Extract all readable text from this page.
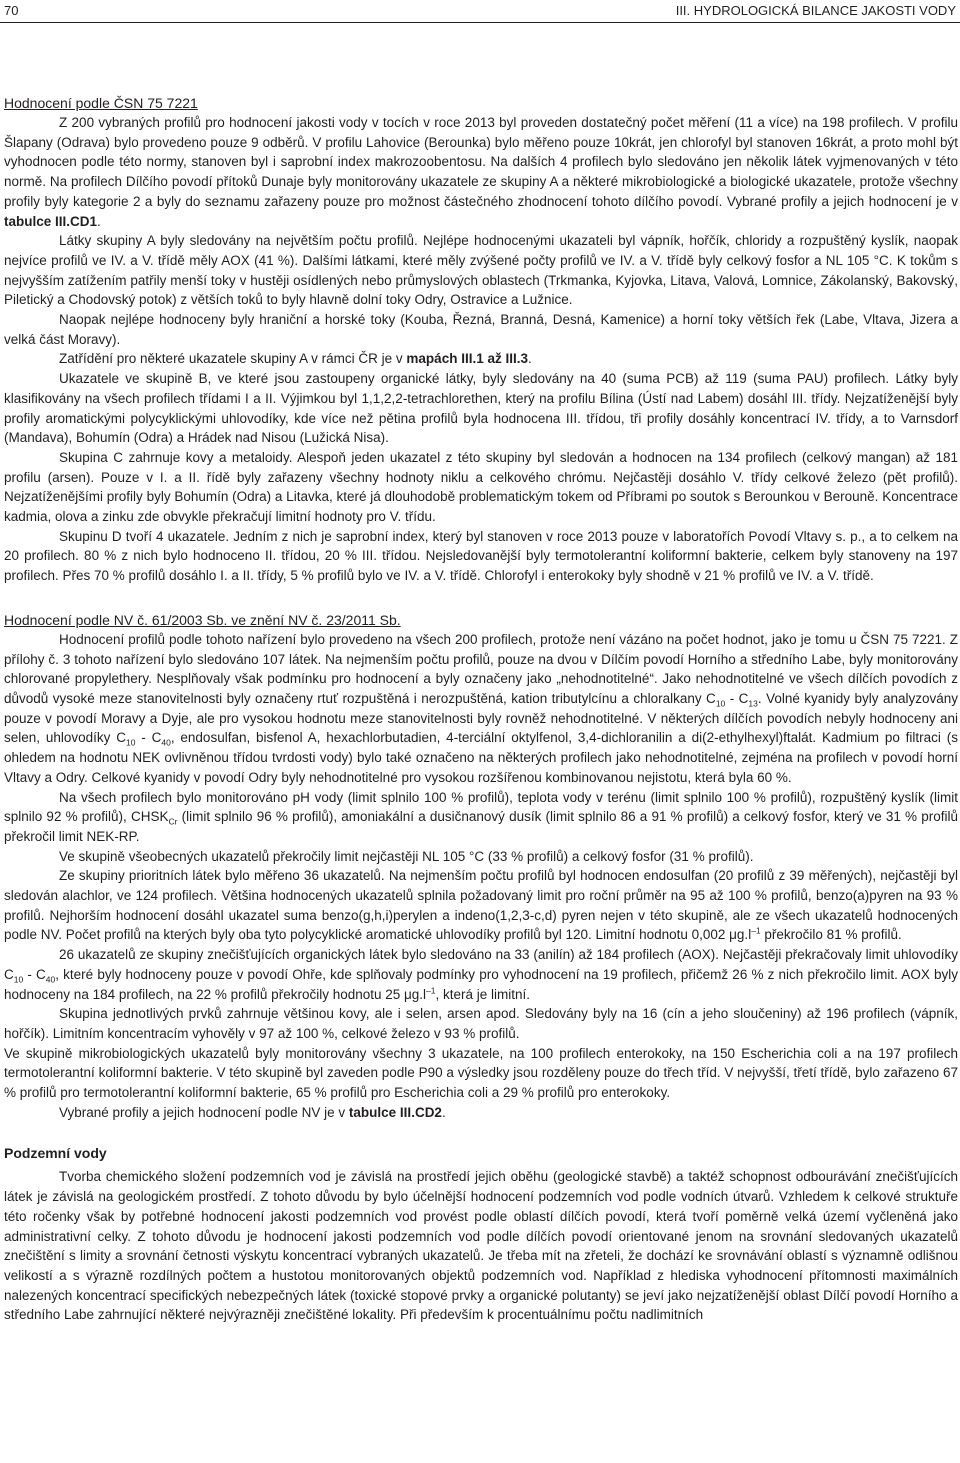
70	III. HYDROLOGICKÁ BILANCE JAKOSTI VODY
Hodnocení podle ČSN 75 7221

Z 200 vybraných profilů pro hodnocení jakosti vody v tocích v roce 2013 byl proveden dostatečný počet měření (11 a více) na 198 profilech. V profilu Šlapany (Odrava) bylo provedeno pouze 9 odběrů. V profilu Lahovice (Berounka) bylo měřeno pouze 10krát, jen chlorofyl byl stanoven 16krát, a proto mohl být vyhodnocen podle této normy, stanoven byl i saprobní index makrozoobentosu. Na dalších 4 profilech bylo sledováno jen několik látek vyjmenovaných v této normě. Na profilech Dílčího povodí přítoků Dunaje byly monitorovány ukazatele ze skupiny A a některé mikrobiologické a biologické ukazatele, protože všechny profily byly kategorie 2 a byly do seznamu zařazeny pouze pro možnost částečného zhodnocení tohoto dílčího povodí. Vybrané profily a jejich hodnocení je v tabulce III.CD1.

Látky skupiny A byly sledovány na největším počtu profilů. Nejlépe hodnocenými ukazateli byl vápník, hořčík, chloridy a rozpuštěný kyslík, naopak nejvíce profilů ve IV. a V. třídě měly AOX (41 %). Dalšími látkami, které měly zvýšené počty profilů ve IV. a V. třídě byly celkový fosfor a NL 105 °C. K tokům s nejvyšším zatížením patřily menší toky v hustěji osídlených nebo průmyslových oblastech (Trkmanka, Kyjovka, Litava, Valová, Lomnice, Zákolanský, Bakovský, Piletický a Chodovský potok) z větších toků to byly hlavně dolní toky Odry, Ostravice a Lužnice.

Naopak nejlépe hodnoceny byly hraniční a horské toky (Kouba, Řezná, Branná, Desná, Kamenice) a horní toky větších řek (Labe, Vltava, Jizera a velká část Moravy).

Zatřídění pro některé ukazatele skupiny A v rámci ČR je v mapách III.1 až III.3.

Ukazatele ve skupině B, ve které jsou zastoupeny organické látky, byly sledovány na 40 (suma PCB) až 119 (suma PAU) profilech. Látky byly klasifikovány na všech profilech třídami I a II. Výjimkou byl 1,1,2,2-tetrachlorethen, který na profilu Bílina (Ústí nad Labem) dosáhl III. třídy. Nejzatíženější byly profily aromatickými polycyklickými uhlovodíky, kde více než pětina profilů byla hodnocena III. třídou, tři profily dosáhly koncentrací IV. třídy, a to Varnsdorf (Mandava), Bohumín (Odra) a Hrádek nad Nisou (Lužická Nisa).

Skupina C zahrnuje kovy a metaloidy. Alespoň jeden ukazatel z této skupiny byl sledován a hodnocen na 134 profilech (celkový mangan) až 181 profilu (arsen). Pouze v I. a II. řídě byly zařazeny všechny hodnoty niklu a celkového chrómu. Nejčastěji dosáhlo V. třídy celkové železo (pět profilů). Nejzatíženějšími profily byly Bohumín (Odra) a Litavka, které já dlouhodobě problematickým tokem od Příbrami po soutok s Berounkou v Berouně. Koncentrace kadmia, olova a zinku zde obvykle překračují limitní hodnoty pro V. třídu.

Skupinu D tvoří 4 ukazatele. Jedním z nich je saprobní index, který byl stanoven v roce 2013 pouze v laboratořích Povodí Vltavy s. p., a to celkem na 20 profilech. 80 % z nich bylo hodnoceno II. třídou, 20 % III. třídou. Nejsledovanější byly termotolerantní koliformní bakterie, celkem byly stanoveny na 197 profilech. Přes 70 % profilů dosáhlo I. a II. třídy, 5 % profilů bylo ve IV. a V. třídě. Chlorofyl i enterokoky byly shodně v 21 % profilů ve IV. a V. třídě.

Hodnocení podle NV č. 61/2003 Sb. ve znění NV č. 23/2011 Sb.

Hodnocení profilů podle tohoto nařízení bylo provedeno na všech 200 profilech, protože není vázáno na počet hodnot, jako je tomu u ČSN 75 7221. Z přílohy č. 3 tohoto nařízení bylo sledováno 107 látek. Na nejmenším počtu profilů, pouze na dvou v Dílčím povodí Horního a středního Labe, byly monitorovány chlorované propylethery. Nesplňovaly však podmínku pro hodnocení a byly označeny jako „nehodnotitelné“. Jako nehodnotitelné ve všech dílčích povodích z důvodů vysoké meze stanovitelnosti byly označeny rtuť rozpuštěná i nerozpuštěná, kation tributylcínu a chloralkany $C_{10} - C_{13}$. Volné kyanidy byly analyzovány pouze v povodí Moravy a Dyje, ale pro vysokou hodnotu meze stanovitelnosti byly rovněž nehodnotitelné. V některých dílčích povodích nebyly hodnoceny ani selen, uhlovodíky $C_{10} - C_{40}$, endosulfan, bisfenol A, hexachlorbutadien, 4-terciální oktylfenol, 3,4-dichloranilin a di(2-ethylhexyl)ftalát. Kadmium po filtraci (s ohledem na hodnotu NEK ovlivněnou třídou tvrdosti vody) bylo také označeno na některých profilech jako nehodnotitelné, zejména na profilech v povodí horní Vltavy a Odry. Celkové kyanidy v povodí Odry byly nehodnotitelné pro vysokou rozšířenou kombinovanou nejistotu, která byla 60 %.

Na všech profilech bylo monitorováno pH vody (limit splnilo 100 % profilů), teplota vody v terénu (limit splnilo 100 % profilů), rozpuštěný kyslík (limit splnilo 92 % profilů), $CHSK_{Cr}$ (limit splnilo 96 % profilů), amoniakální a dusičnanový dusík (limit splnilo 86 a 91 % profilů) a celkový fosfor, který ve 31 % profilů překročil limit NEK-RP.

Ve skupině všeobecných ukazatelů překročily limit nejčastěji NL 105 °C (33 % profilů) a celkový fosfor (31 % profilů).

Ze skupiny prioritních látek bylo měřeno 36 ukazatelů. Na nejmenším počtu profilů byl hodnocen endosulfan (20 profilů z 39 měřených), nejčastěji byl sledován alachlor, ve 124 profilech. Většina hodnocených ukazatelů splnila požadovaný limit pro roční průměr na 95 až 100 % profilů, benzo(a)pyren na 93 % profilů. Nejhorším hodnocení dosáhl ukazatel suma benzo(g,h,i)perylen a indeno(1,2,3-c,d) pyren nejen v této skupině, ale ze všech ukazatelů hodnocených podle NV. Počet profilů na kterých byly oba tyto polycyklické aromatické uhlovodíky profilů byl 120. Limitní hodnotu 0,002 $\mu g.l^{-1}$ překročilo 81 % profilů.

26 ukazatelů ze skupiny znečišťujících organických látek bylo sledováno na 33 (anilín) až 184 profilech (AOX). Nejčastěji překračovaly limit uhlovodíky $C_{10} - C_{40}$, které byly hodnoceny pouze v povodí Ohře, kde splňovaly podmínky pro vyhodnocení na 19 profilech, přičemž 26 % z nich překročilo limit. AOX byly hodnoceny na 184 profilech, na 22 % profilů překročily hodnotu 25 $\mu g.l^{-1}$, která je limitní.

Skupina jednotlivých prvků zahrnuje většinou kovy, ale i selen, arsen apod. Sledovány byly na 16 (cín a jeho sloučeniny) až 196 profilech (vápník, hořčík). Limitním koncentracím vyhověly v 97 až 100 %, celkové železo v 93 % profilů.

Ve skupině mikrobiologických ukazatelů byly monitorovány všechny 3 ukazatele, na 100 profilech enterokoky, na 150 Escherichia coli a na 197 profilech termotolerantní koliformní bakterie. V této skupině byl zaveden podle P90 a výsledky jsou rozděleny pouze do třech tříd. V nejvyšší, třetí třídě, bylo zařazeno 67 % profilů pro termotolerantní koliformní bakterie, 65 % profilů pro Escherichia coli a 29 % profilů pro enterokoky.

Vybrané profily a jejich hodnocení podle NV je v tabulce III.CD2.

Podzemní vody

Tvorba chemického složení podzemních vod je závislá na prostředí jejich oběhu (geologické stavbě) a taktéž schopnost odbourávání znečišťujících látek je závislá na geologickém prostředí. Z tohoto důvodu by bylo účelnější hodnocení podzemních vod podle vodních útvarů. Vzhledem k celkové struktuře této ročenky však by potřebné hodnocení jakosti podzemních vod provést podle oblastí dílčích povodí, která tvoří poměrně velká území vyčleněná jako administrativní celky. Z tohoto důvodu je hodnocení jakosti podzemních vod podle dílčích povodí orientované jenom na srovnání sledovaných ukazatelů znečištění s limity a srovnání četnosti výskytu koncentrací vybraných ukazatelů. Je třeba mít na zřeteli, že dochází ke srovnávání oblastí s významně odlišnou velikostí a s výrazně rozdílných počtem a hustotou monitorovaných objektů podzemních vod. Například z hlediska vyhodnocení přítomnosti maximálních nalezených koncentrací specifických nebezpečných látek (toxické stopové prvky a organické polutanty) se jeví jako nejzatíženější oblast Dílčí povodí Horního a středního Labe zahrnující některé nejvýrazněji znečištěné lokality. Při především k procentuálnímu počtu nadlimitních
